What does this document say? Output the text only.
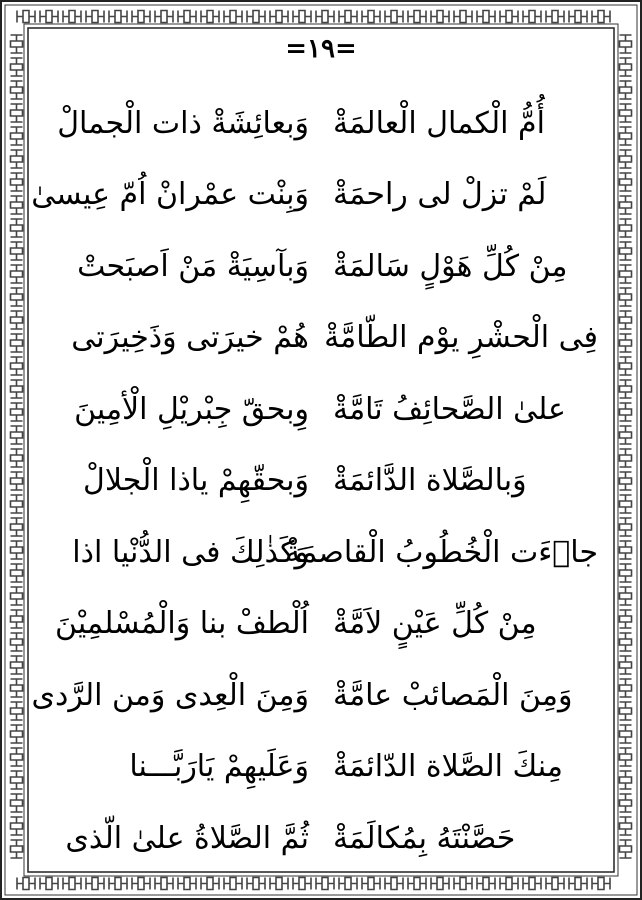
=١٩=
وَبعائِشَةْ ذات الْجمالْ أُمُّ الْكمال الْعالمَةْ
وَبِنْت عمْرانْ اُمّ عِيسىٰ لَمْ تزلْ لى راحمَةْ
وَبآسِيَةْ مَنْ اَصبَحتْ مِنْ كُلِّ هَوْلٍ سَالمَةْ
هُمْ خيرَتى وَذَخِيرَتى فِى الْحشْرِ يوْم الطّامَّةْ
وِبحقّ جِبْريْلِ الْأمِينَ علىٰ الصَّحائِفُ تَامَّةْ
وَبحقّهِمْ ياذا الْجلالْ وَبالصَّلاة الدَّائمَةْ
وَكَذٰلِكَ فى الدُّنْيا اذا
جاۤءَت الْخُطُوبُ الْقاصمَةْ
اُلْطفْ بنا وَالْمُسْلمِيْنَ مِنْ كُلِّ عَيْنٍ لاَمَّةْ
وَمِنَ الْعِدى وَمن الرَّدى وَمِنَ الْمَصائبْ عامَّةْ
وَعَلَيهِمْ يَارَبَّـــنا مِنكَ الصَّلاة الدّائمَةْ
ثُمَّ الصَّلاةُ علىٰ الّذى حَصَّنْتَهُ بِمُكالَمَةْ
